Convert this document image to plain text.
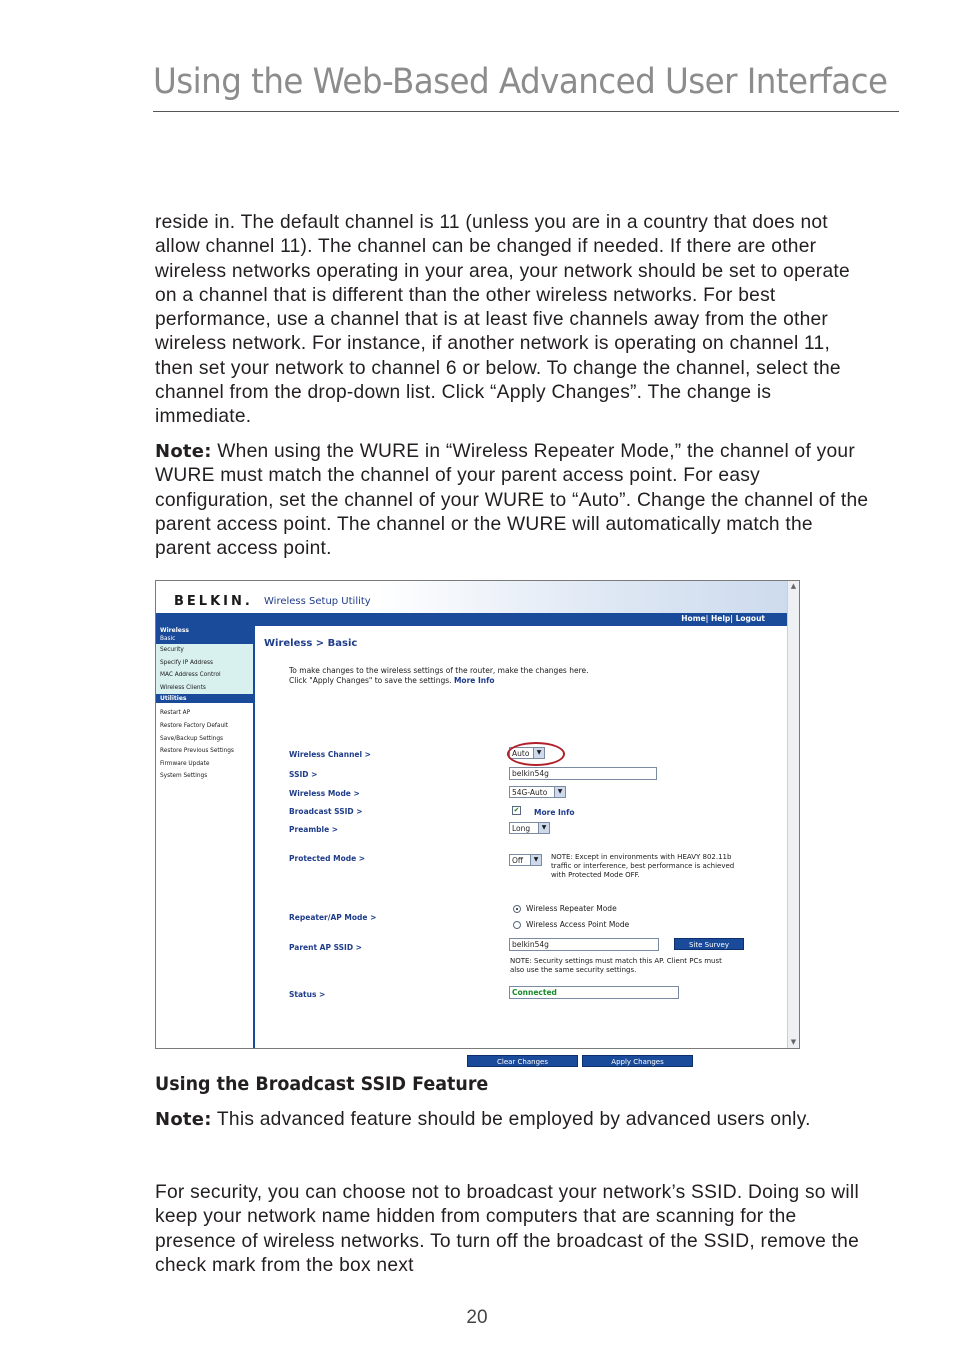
Using the Web-Based Advanced User Interface

reside in. The default channel is 11 (unless you are in a country that does not allow channel 11). The channel can be changed if needed. If there are other wireless networks operating in your area, your network should be set to operate on a channel that is different than the other wireless networks. For best performance, use a channel that is at least five channels away from the other wireless network. For instance, if another network is operating on channel 11, then set your network to channel 6 or below. To change the channel, select the channel from the drop-down list. Click “Apply Changes”. The change is immediate.

Note: When using the WURE in “Wireless Repeater Mode,” the channel of your WURE must match the channel of your parent access point. For easy configuration, set the channel of your WURE to “Auto”. Change the channel of the parent access point. The channel or the WURE will automatically match the parent access point.

BELKIN. Wireless Setup Utility
Home| Help| Logout
Wireless
Basic
Security
Specify IP Address
MAC Address Control
Wireless Clients
Utilities
Restart AP
Restore Factory Default
Save/Backup Settings
Restore Previous Settings
Firmware Update
System Settings
Wireless > Basic
To make changes to the wireless settings of the router, make the changes here.
Click "Apply Changes" to save the settings. More Info
Wireless Channel >	Auto	▼
SSID >	belkin54g
Wireless Mode >	54G-Auto	▼
Broadcast SSID >	✔ More Info
Preamble >	Long	▼
Protected Mode >	Off	▼	NOTE: Except in environments with HEAVY 802.11b
traffic or interference, best performance is achieved
with Protected Mode OFF.
Repeater/AP Mode >
Wireless Repeater Mode
Wireless Access Point Mode
Parent AP SSID >	belkin54g	Site Survey
NOTE: Security settings must match this AP. Client PCs must
also use the same security settings.
Status >	Connected
Clear Changes	Apply Changes
▲
▼
Using the Broadcast SSID Feature

Note: This advanced feature should be employed by advanced users only.

For security, you can choose not to broadcast your network’s SSID. Doing so will keep your network name hidden from computers that are scanning for the presence of wireless networks. To turn off the broadcast of the SSID, remove the check mark from the box next

20
